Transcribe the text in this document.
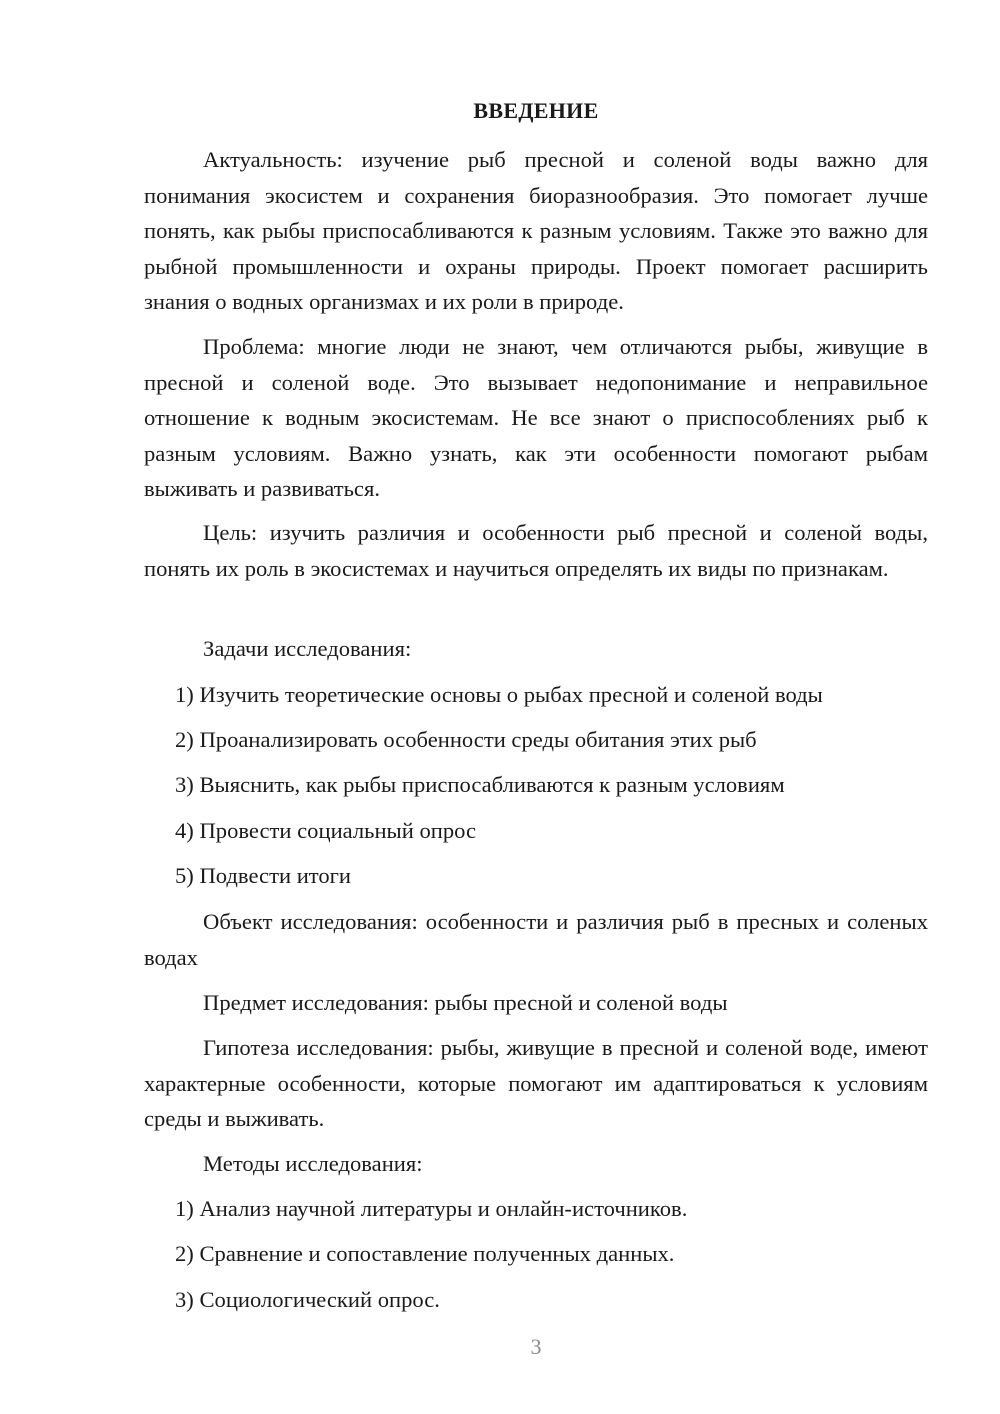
ВВЕДЕНИЕ

Актуальность: изучение рыб пресной и соленой воды важно для понимания экосистем и сохранения биоразнообразия. Это помогает лучше понять, как рыбы приспосабливаются к разным условиям. Также это важно для рыбной промышленности и охраны природы. Проект помогает расширить знания о водных организмах и их роли в природе.

Проблема: многие люди не знают, чем отличаются рыбы, живущие в пресной и соленой воде. Это вызывает недопонимание и неправильное отношение к водным экосистемам. Не все знают о приспособлениях рыб к разным условиям. Важно узнать, как эти особенности помогают рыбам выживать и развиваться.

Цель: изучить различия и особенности рыб пресной и соленой воды, понять их роль в экосистемах и научиться определять их виды по признакам.

Задачи исследования:

1) Изучить теоретические основы о рыбах пресной и соленой воды

2) Проанализировать особенности среды обитания этих рыб

3) Выяснить, как рыбы приспосабливаются к разным условиям

4) Провести социальный опрос

5) Подвести итоги

Объект исследования: особенности и различия рыб в пресных и соленых водах

Предмет исследования: рыбы пресной и соленой воды

Гипотеза исследования: рыбы, живущие в пресной и соленой воде, имеют характерные особенности, которые помогают им адаптироваться к условиям среды и выживать.

Методы исследования:

1) Анализ научной литературы и онлайн-источников.

2) Сравнение и сопоставление полученных данных.

3) Социологический опрос.

3
